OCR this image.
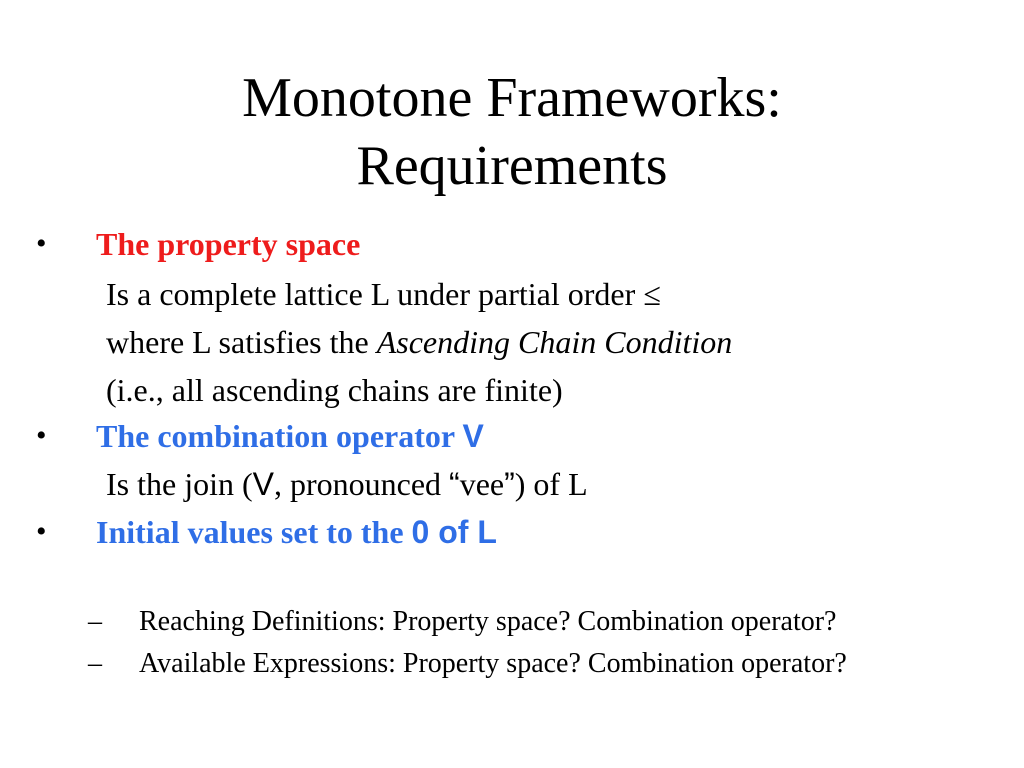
Monotone Frameworks:
Requirements
• The property space
Is a complete lattice L under partial order ≤
where L satisfies the Ascending Chain Condition
(i.e., all ascending chains are finite)
• The combination operator V
Is the join (V, pronounced “vee”) of L
• Initial values set to the 0 of L
– Reaching Definitions: Property space? Combination operator?
– Available Expressions: Property space? Combination operator?
